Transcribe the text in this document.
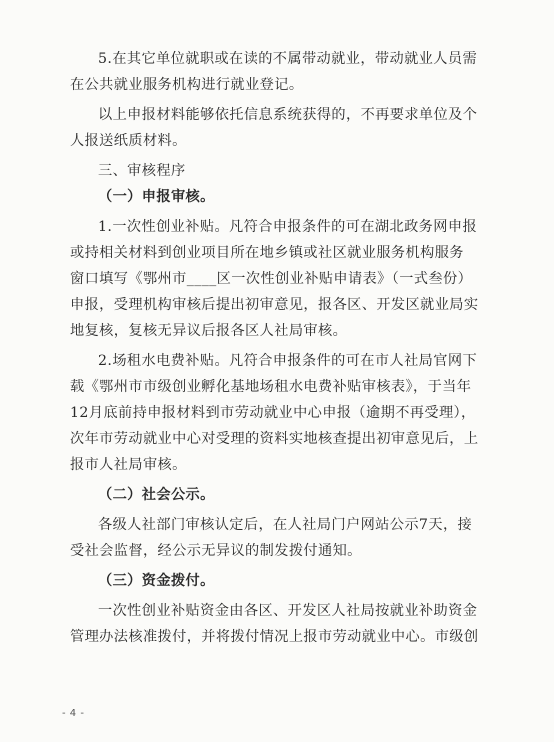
5.在其它单位就职或在读的不属带动就业，带动就业人员需
在公共就业服务机构进行就业登记。
以上申报材料能够依托信息系统获得的，不再要求单位及个
人报送纸质材料。
三、审核程序
（一）申报审核。
1.一次性创业补贴。凡符合申报条件的可在湖北政务网申报
或持相关材料到创业项目所在地乡镇或社区就业服务机构服务
窗口填写《鄂州市____区一次性创业补贴申请表》（一式叁份）
申报，受理机构审核后提出初审意见，报各区、开发区就业局实
地复核，复核无异议后报各区人社局审核。
2.场租水电费补贴。凡符合申报条件的可在市人社局官网下
载《鄂州市市级创业孵化基地场租水电费补贴审核表》，于当年
12月底前持申报材料到市劳动就业中心申报（逾期不再受理），
次年市劳动就业中心对受理的资料实地核查提出初审意见后，上
报市人社局审核。
（二）社会公示。
各级人社部门审核认定后，在人社局门户网站公示7天，接
受社会监督，经公示无异议的制发拨付通知。
（三）资金拨付。
一次性创业补贴资金由各区、开发区人社局按就业补助资金
管理办法核准拨付，并将拨付情况上报市劳动就业中心。市级创
- 4 -
